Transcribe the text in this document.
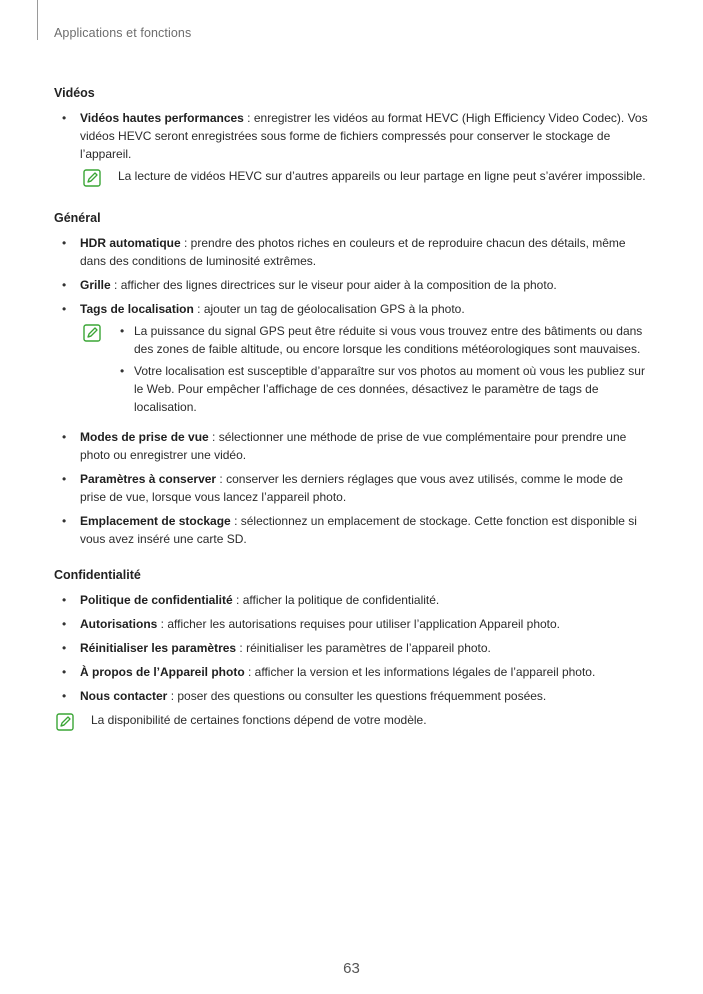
Applications et fonctions
Vidéos
• Vidéos hautes performances : enregistrer les vidéos au format HEVC (High Efficiency Video Codec). Vos vidéos HEVC seront enregistrées sous forme de fichiers compressés pour conserver le stockage de l’appareil.
La lecture de vidéos HEVC sur d’autres appareils ou leur partage en ligne peut s’avérer impossible.
Général
• HDR automatique : prendre des photos riches en couleurs et de reproduire chacun des détails, même dans des conditions de luminosité extrêmes.
• Grille : afficher des lignes directrices sur le viseur pour aider à la composition de la photo.
• Tags de localisation : ajouter un tag de géolocalisation GPS à la photo.
• La puissance du signal GPS peut être réduite si vous vous trouvez entre des bâtiments ou dans des zones de faible altitude, ou encore lorsque les conditions météorologiques sont mauvaises.
• Votre localisation est susceptible d’apparaître sur vos photos au moment où vous les publiez sur le Web. Pour empêcher l’affichage de ces données, désactivez le paramètre de tags de localisation.
• Modes de prise de vue : sélectionner une méthode de prise de vue complémentaire pour prendre une photo ou enregistrer une vidéo.
• Paramètres à conserver : conserver les derniers réglages que vous avez utilisés, comme le mode de prise de vue, lorsque vous lancez l’appareil photo.
• Emplacement de stockage : sélectionnez un emplacement de stockage. Cette fonction est disponible si vous avez inséré une carte SD.
Confidentialité
• Politique de confidentialité : afficher la politique de confidentialité.
• Autorisations : afficher les autorisations requises pour utiliser l’application Appareil photo.
• Réinitialiser les paramètres : réinitialiser les paramètres de l’appareil photo.
• À propos de l’Appareil photo : afficher la version et les informations légales de l’appareil photo.
• Nous contacter : poser des questions ou consulter les questions fréquemment posées.
La disponibilité de certaines fonctions dépend de votre modèle.
63
